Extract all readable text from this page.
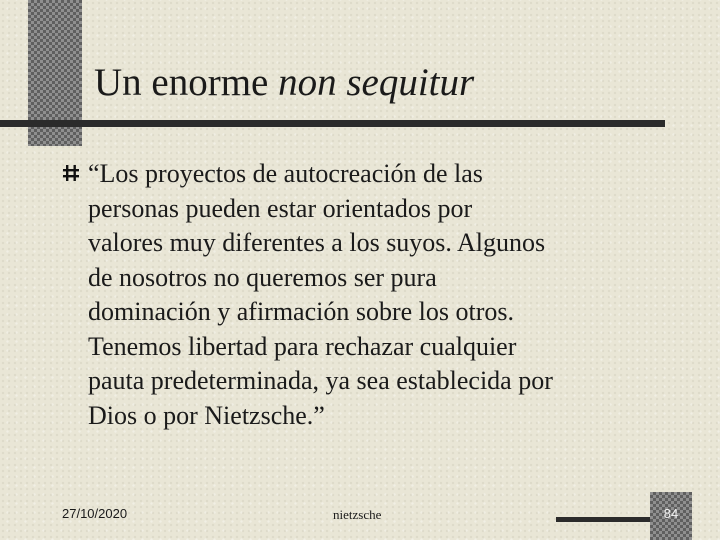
Un enorme non sequitur
“Los proyectos de autocreación de las
personas pueden estar orientados por
valores muy diferentes a los suyos. Algunos
de nosotros no queremos ser pura
dominación y afirmación sobre los otros.
Tenemos libertad para rechazar cualquier
pauta predeterminada, ya sea establecida por
Dios o por Nietzsche.”
27/10/2020	nietzsche	84
